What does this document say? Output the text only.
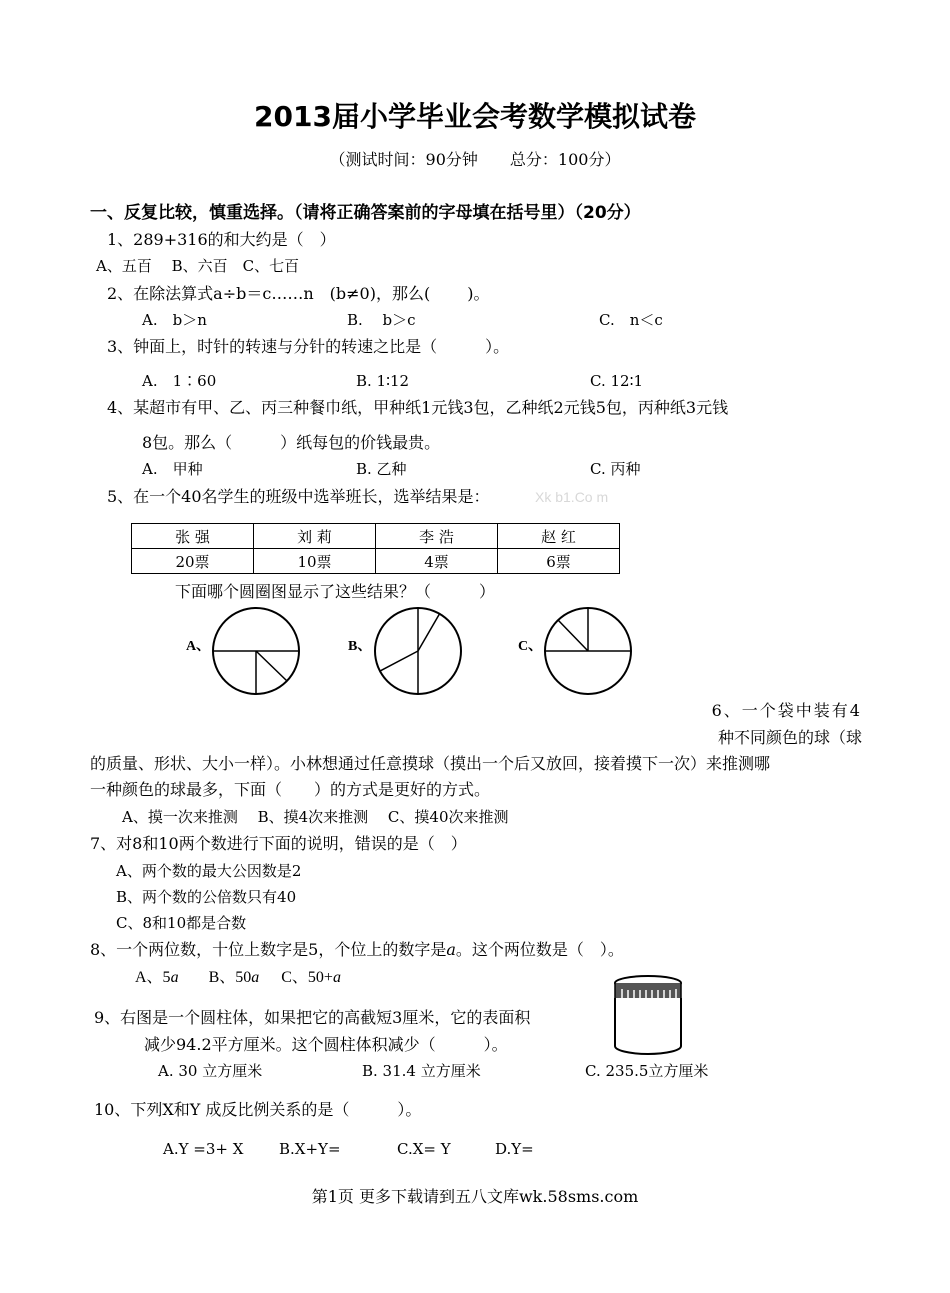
2013届小学毕业会考数学模拟试卷
（测试时间：90分钟　　总分：100分）
一、反复比较，慎重选择。（请将正确答案前的字母填在括号里）（20分）
1、289+316的和大约是（　）
A、五百　 B、六百　C、七百
2、在除法算式a÷b＝c……n　(b≠0)，那么(　　 )。
A.　b＞n	B.　 b＞c	C.　n＜c
3、钟面上，时针的转速与分针的转速之比是（　　　）。
A.　1∶60	B. 1∶12	C. 12∶1
4、某超市有甲、乙、丙三种餐巾纸，甲种纸1元钱3包，乙种纸2元钱5包，丙种纸3元钱
8包。那么（　　　）纸每包的价钱最贵。
A.　甲种	B. 乙种	C. 丙种
5、在一个40名学生的班级中选举班长，选举结果是：	Xk b1.Co m
张 强	刘 莉	李 浩	赵 红
20票	10票	4票	6票
下面哪个圆圈图显示了这些结果？（　　　）
A、	B、	C、
6、一个袋中装有4
种不同颜色的球（球
的质量、形状、大小一样）。小林想通过任意摸球（摸出一个后又放回，接着摸下一次）来推测哪
一种颜色的球最多，下面（　　）的方式是更好的方式。
A、摸一次来推测　 B、摸4次来推测　 C、摸40次来推测
7、对8和10两个数进行下面的说明，错误的是（　）
A、两个数的最大公因数是2
B、两个数的公倍数只有40
C、8和10都是合数
8、一个两位数，十位上数字是5，个位上的数字是a。这个两位数是（　）。
A、5a B、50a C、50+a
9、右图是一个圆柱体，如果把它的高截短3厘米，它的表面积
减少94.2平方厘米。这个圆柱体积减少（　　　）。
A. 30 立方厘米	B. 31.4 立方厘米	C. 235.5立方厘米
10、下列X和Y 成反比例关系的是（　　　）。
A.Y =3+ X B.X+Y=	C.X= Y	D.Y=
第1页 更多下载请到五八文库wk.58sms.com
